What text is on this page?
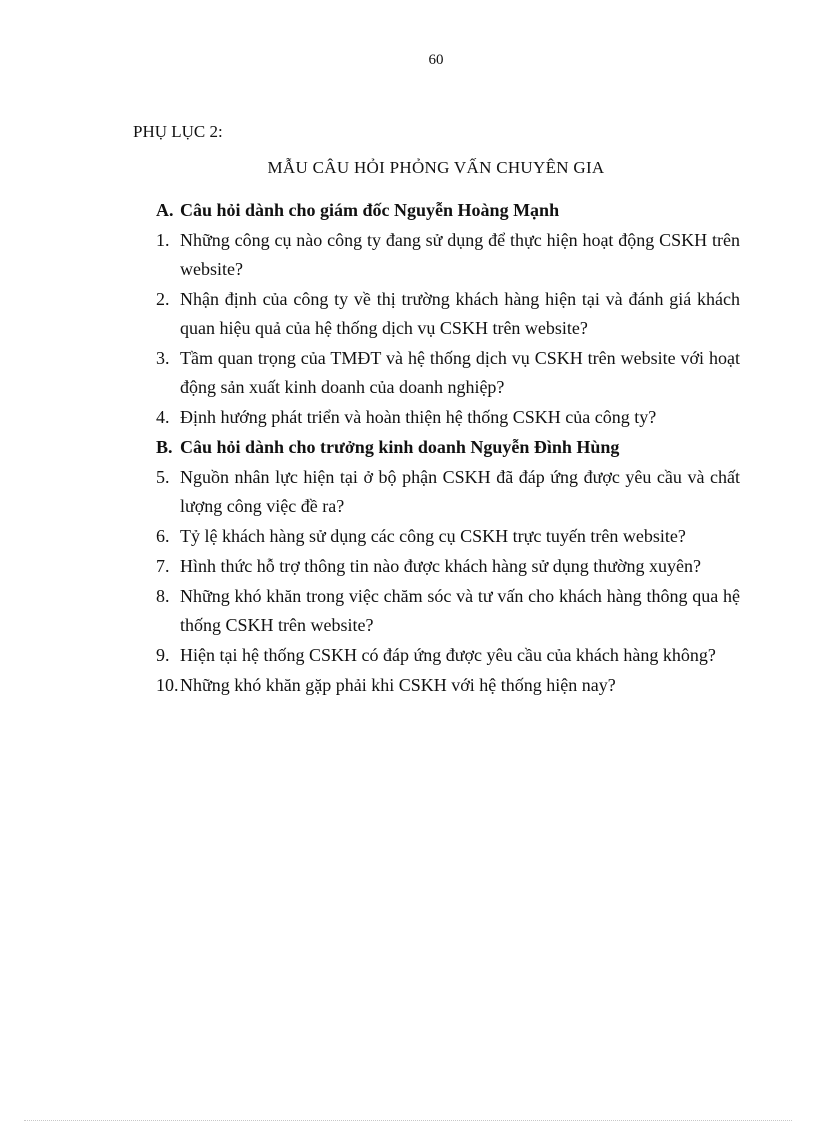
60
PHỤ LỤC 2:
MẪU CÂU HỎI PHỎNG VẤN CHUYÊN GIA
A. Câu hỏi dành cho giám đốc Nguyễn Hoàng Mạnh
1. Những công cụ nào công ty đang sử dụng để thực hiện hoạt động CSKH trên website?
2. Nhận định của công ty về thị trường khách hàng hiện tại và đánh giá khách quan hiệu quả của hệ thống dịch vụ CSKH trên website?
3. Tầm quan trọng của TMĐT và hệ thống dịch vụ CSKH trên website với hoạt động sản xuất kinh doanh của doanh nghiệp?
4. Định hướng phát triển và hoàn thiện hệ thống CSKH của công ty?
B. Câu hỏi dành cho trưởng kinh doanh Nguyễn Đình Hùng
5. Nguồn nhân lực hiện tại ở bộ phận CSKH đã đáp ứng được yêu cầu và chất lượng công việc đề ra?
6. Tỷ lệ khách hàng sử dụng các công cụ CSKH trực tuyến trên website?
7. Hình thức hỗ trợ thông tin nào được khách hàng sử dụng thường xuyên?
8. Những khó khăn trong việc chăm sóc và tư vấn cho khách hàng thông qua hệ thống CSKH trên website?
9. Hiện tại hệ thống CSKH có đáp ứng được yêu cầu của khách hàng không?
10. Những khó khăn gặp phải khi CSKH với hệ thống hiện nay?
